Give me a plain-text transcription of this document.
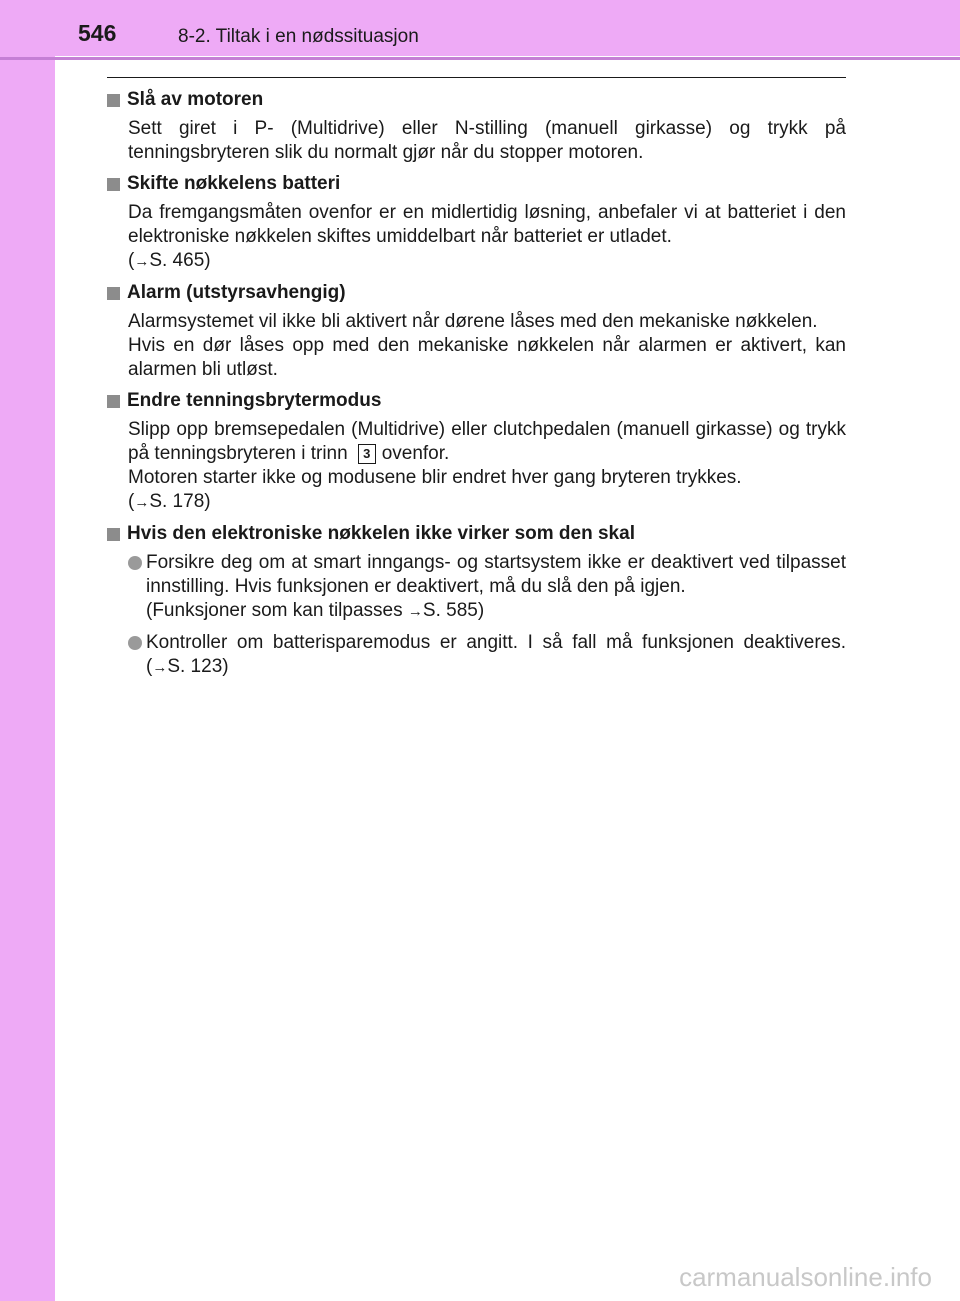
546	8-2. Tiltak i en nødssituasjon
Slå av motoren

Sett giret i P- (Multidrive) eller N-stilling (manuell girkasse) og trykk på tenningsbryteren slik du normalt gjør når du stopper motoren.

Skifte nøkkelens batteri

Da fremgangsmåten ovenfor er en midlertidig løsning, anbefaler vi at batteriet i den elektroniske nøkkelen skiftes umiddelbart når batteriet er utladet.

(→S. 465)

Alarm (utstyrsavhengig)

Alarmsystemet vil ikke bli aktivert når dørene låses med den mekaniske nøkkelen.

Hvis en dør låses opp med den mekaniske nøkkelen når alarmen er aktivert, kan alarmen bli utløst.

Endre tenningsbrytermodus

Slipp opp bremsepedalen (Multidrive) eller clutchpedalen (manuell girkasse) og trykk på tenningsbryteren i trinn 3 ovenfor.

Motoren starter ikke og modusene blir endret hver gang bryteren trykkes.

(→S. 178)

Hvis den elektroniske nøkkelen ikke virker som den skal

Forsikre deg om at smart inngangs- og startsystem ikke er deaktivert ved tilpasset innstilling. Hvis funksjonen er deaktivert, må du slå den på igjen.

(Funksjoner som kan tilpasses →S. 585)

Kontroller om batterisparemodus er angitt. I så fall må funksjonen deaktiveres. (→S. 123)

carmanualsonline.info
